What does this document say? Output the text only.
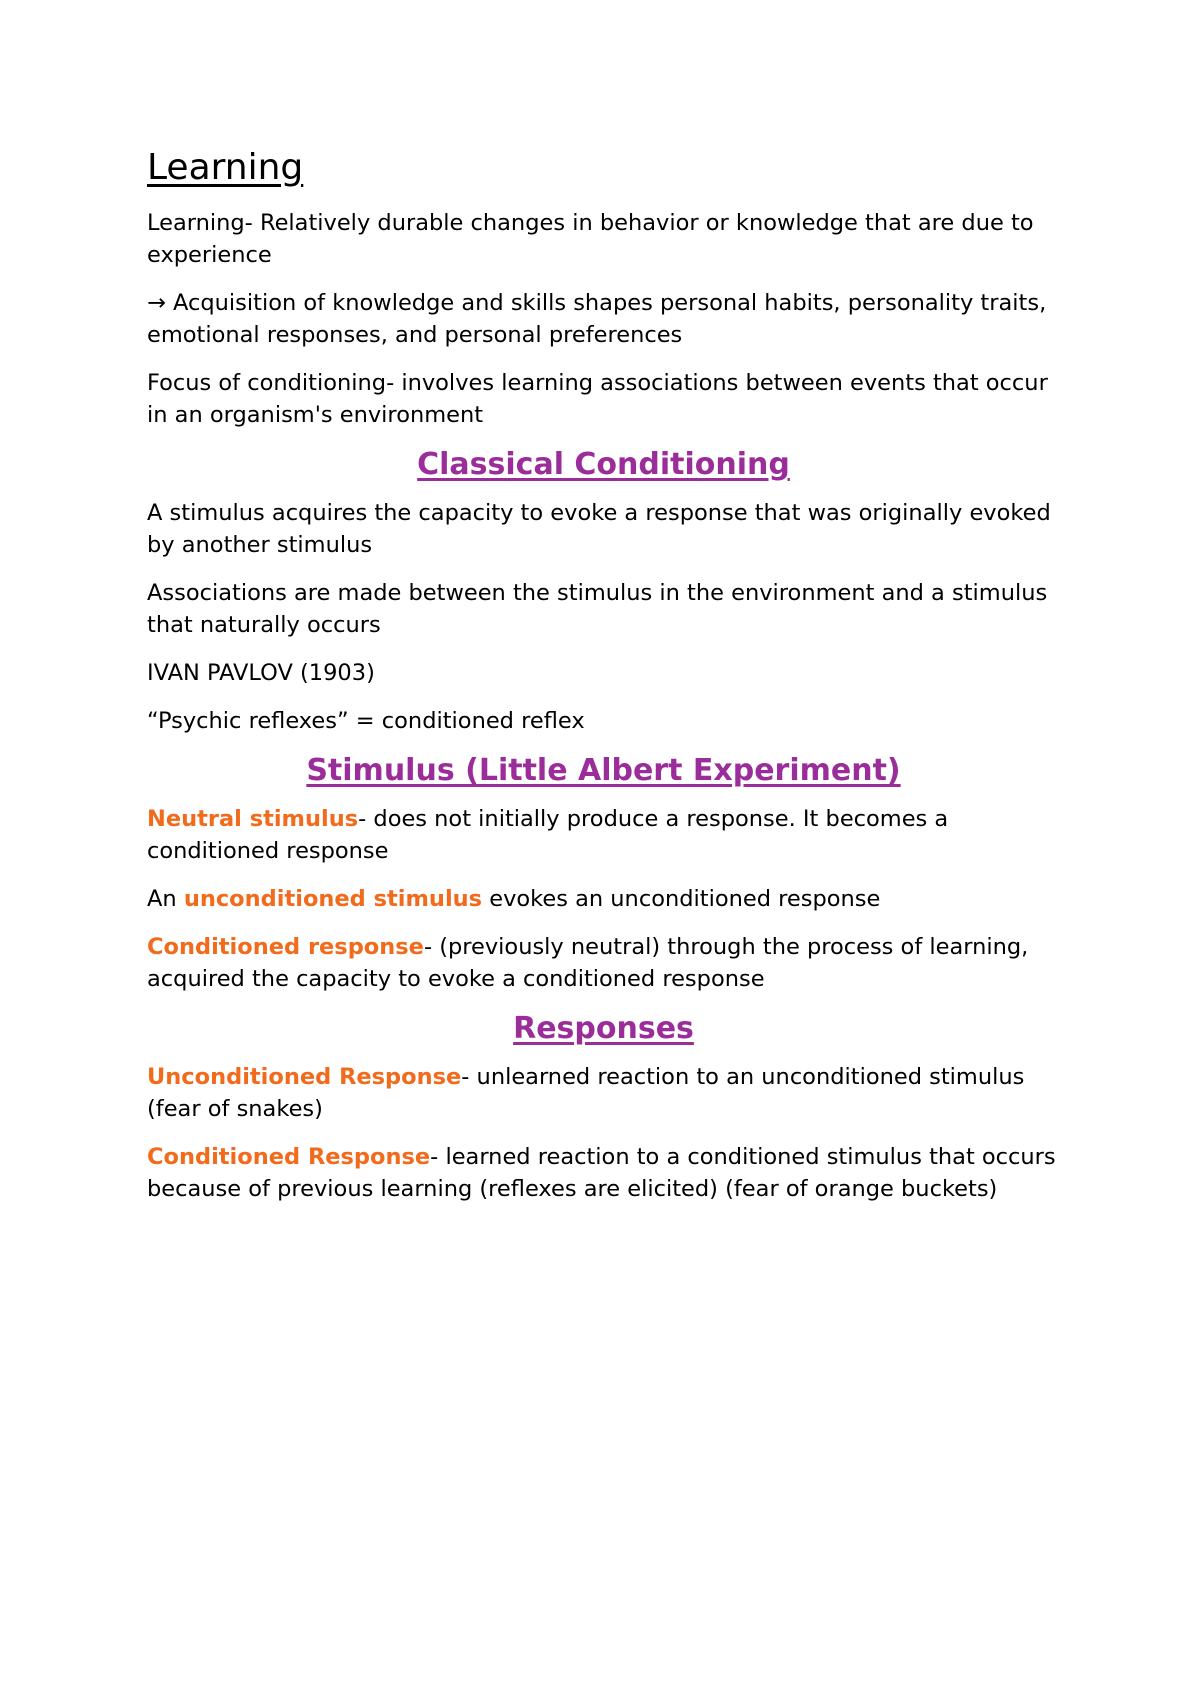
Learning

Learning- Relatively durable changes in behavior or knowledge that are due to experience

→ Acquisition of knowledge and skills shapes personal habits, personality traits, emotional responses, and personal preferences

Focus of conditioning- involves learning associations between events that occur in an organism's environment

Classical Conditioning

A stimulus acquires the capacity to evoke a response that was originally evoked by another stimulus

Associations are made between the stimulus in the environment and a stimulus that naturally occurs

IVAN PAVLOV (1903)

“Psychic reflexes” = conditioned reflex

Stimulus (Little Albert Experiment)

Neutral stimulus- does not initially produce a response. It becomes a conditioned response

An unconditioned stimulus evokes an unconditioned response

Conditioned response- (previously neutral) through the process of learning, acquired the capacity to evoke a conditioned response

Responses

Unconditioned Response- unlearned reaction to an unconditioned stimulus (fear of snakes)

Conditioned Response- learned reaction to a conditioned stimulus that occurs because of previous learning (reflexes are elicited) (fear of orange buckets)
